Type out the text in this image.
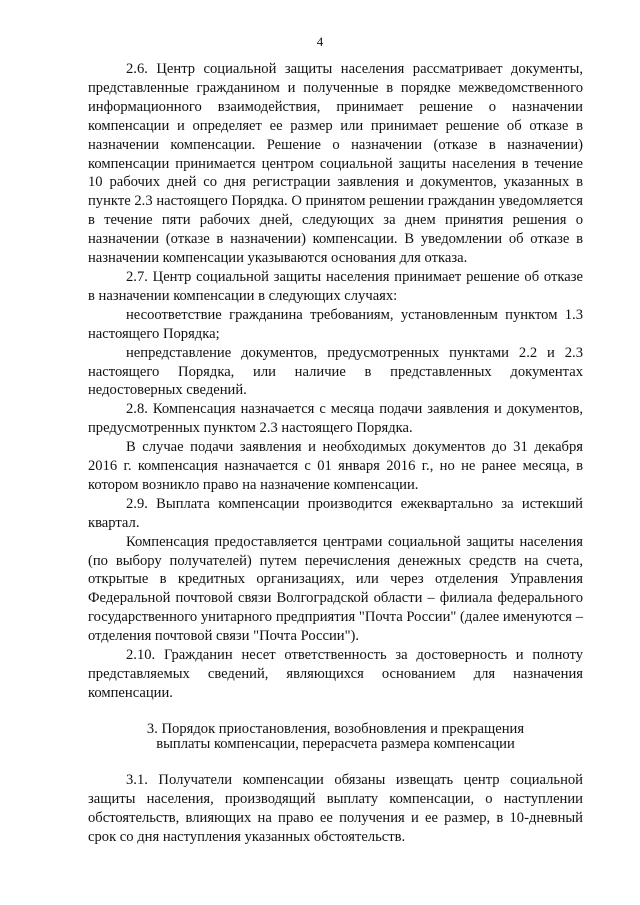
4

2.6. Центр социальной защиты населения рассматривает документы, представленные гражданином и полученные в порядке межведомственного информационного взаимодействия, принимает решение о назначении компенсации и определяет ее размер или принимает решение об отказе в назначении компенсации. Решение о назначении (отказе в назначении) компенсации принимается центром социальной защиты населения в течение 10 рабочих дней со дня регистрации заявления и документов, указанных в пункте 2.3 настоящего Порядка. О принятом решении гражданин уведомляется в течение пяти рабочих дней, следующих за днем принятия решения о назначении (отказе в назначении) компенсации. В уведомлении об отказе в назначении компенсации указываются основания для отказа.

2.7. Центр социальной защиты населения принимает решение об отказе в назначении компенсации в следующих случаях:

несоответствие гражданина требованиям, установленным пунктом 1.3 настоящего Порядка;

непредставление документов, предусмотренных пунктами 2.2 и 2.3 настоящего Порядка, или наличие в представленных документах недостоверных сведений.

2.8. Компенсация назначается с месяца подачи заявления и документов, предусмотренных пунктом 2.3 настоящего Порядка.

В случае подачи заявления и необходимых документов до 31 декабря 2016 г. компенсация назначается с 01 января 2016 г., но не ранее месяца, в котором возникло право на назначение компенсации.

2.9. Выплата компенсации производится ежеквартально за истекший квартал.

Компенсация предоставляется центрами социальной защиты населения (по выбору получателей) путем перечисления денежных средств на счета, открытые в кредитных организациях, или через отделения Управления Федеральной почтовой связи Волгоградской области – филиала федерального государственного унитарного предприятия "Почта России" (далее именуются – отделения почтовой связи "Почта России").

2.10. Гражданин несет ответственность за достоверность и полноту представляемых сведений, являющихся основанием для назначения компенсации.

3. Порядок приостановления, возобновления и прекращения
выплаты компенсации, перерасчета размера компенсации

3.1. Получатели компенсации обязаны извещать центр социальной защиты населения, производящий выплату компенсации, о наступлении обстоятельств, влияющих на право ее получения и ее размер, в 10-дневный срок со дня наступления указанных обстоятельств.
